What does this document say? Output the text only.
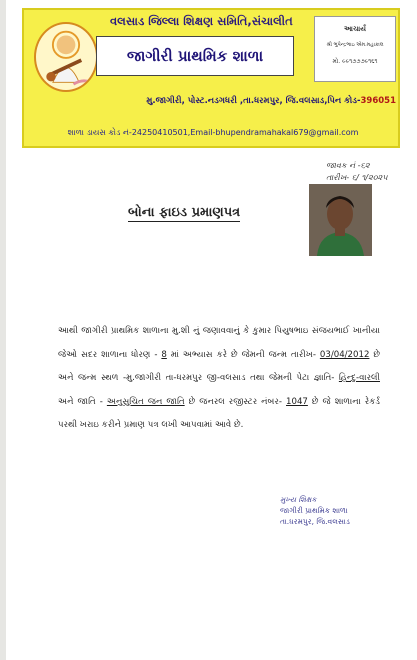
વલસાડ જિલ્લા શિક્ષણ સમિતિ,સંચાલીત
જાગીરી પ્રાથમિક શાળા
આચાર્ય
શ્રી ભુપેન્દ્રભાઇ એમ.મહાકાલ
મો. ૯૯૧૭૭૭૯૧૬૧
મુ.જાગીરી, પોસ્ટ.નડગધરી ,તા.ધરમપુર, જિ.વલસાડ,પિન કોડ-396051
શાળા ડાયસ કોડ નં-24250410501,Email-bhupendramahakal679@gmail.com
જાવક નં -૬૨
તારીખ- ૬/ ૧/૨૦૨૫
બોના ફાઇડ પ્રમાણપત્ર
આથી જાગીરી પ્રાથમિક શાળાના મુ.શી નું જણાવવાનું કે કુમાર પિયુષભાઇ સંજયભાઈ ખાનીયા જેઓ સદર શાળાના ધોરણ - 8 માં અભ્યાસ કરે છે જેમની જન્મ તારીખ- 03/04/2012 છે અને જન્મ સ્થળ -મુ.જાગીરી તા-ધરમપુર જી-વલસાડ તથા જેમની પેટા જ્ઞાતિ- હિન્દુ-વારલી અને જાતિ - અનુસુચિત જન જાતિ છે જનરલ રજીસ્ટર નંબર- 1047 છે જે શાળાના રેકર્ડ પરથી ખરાઇ કરીને પ્રમાણ પત્ર લખી આપવામાં આવે છે.
મુખ્ય શિક્ષક
જાગીરી પ્રાથમિક શાળા
તા.ધરમપુર, જિ.વલસાડ
